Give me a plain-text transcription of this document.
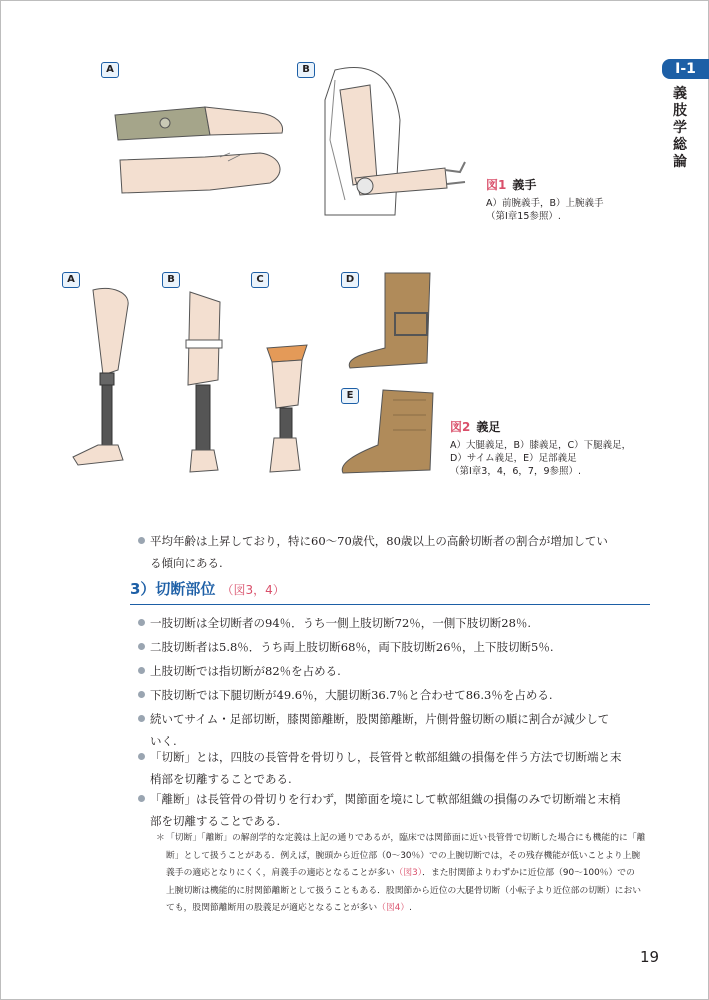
I-1
義肢学総論
A	B
図1 義手
A）前腕義手，B）上腕義手
（第Ⅰ章15参照）.
A	B	C	D
E
図2 義足
A）大腿義足，B）膝義足，C）下腿義足，
D）サイム義足，E）足部義足
（第Ⅰ章3，4，6，7，9参照）.
平均年齢は上昇しており，特に60～70歳代，80歳以上の高齢切断者の割合が増加してい
る傾向にある.
3）切断部位 （図3，4）
一肢切断は全切断者の94％．うち一側上肢切断72％，一側下肢切断28％.
二肢切断者は5.8％．うち両上肢切断68％，両下肢切断26％，上下肢切断5％.
上肢切断では指切断が82％を占める.
下肢切断では下腿切断が49.6％，大腿切断36.7％と合わせて86.3％を占める.
続いてサイム・足部切断，膝関節離断，股関節離断，片側骨盤切断の順に割合が減少して
いく.
「切断」とは，四肢の長管骨を骨切りし，長管骨と軟部組織の損傷を伴う方法で切断端と末
梢部を切離することである.
「離断」は長管骨の骨切りを行わず，関節面を境にして軟部組織の損傷のみで切断端と末梢
部を切離することである.
＊ 「切断」「離断」の解剖学的な定義は上記の通りであるが，臨床では関節面に近い長管骨で切断した場合にも機能的に「離
断」として扱うことがある．例えば，腕頭から近位部（0～30％）での上腕切断では，その残存機能が低いことより上腕
義手の適応となりにくく，肩義手の適応となることが多い（図3）．また肘関節よりわずかに近位部（90～100％）での
上腕切断は機能的に肘関節離断として扱うこともある．股関節から近位の大腿骨切断（小転子より近位部の切断）におい
ても，股関節離断用の股義足が適応となることが多い（図4）.
19
